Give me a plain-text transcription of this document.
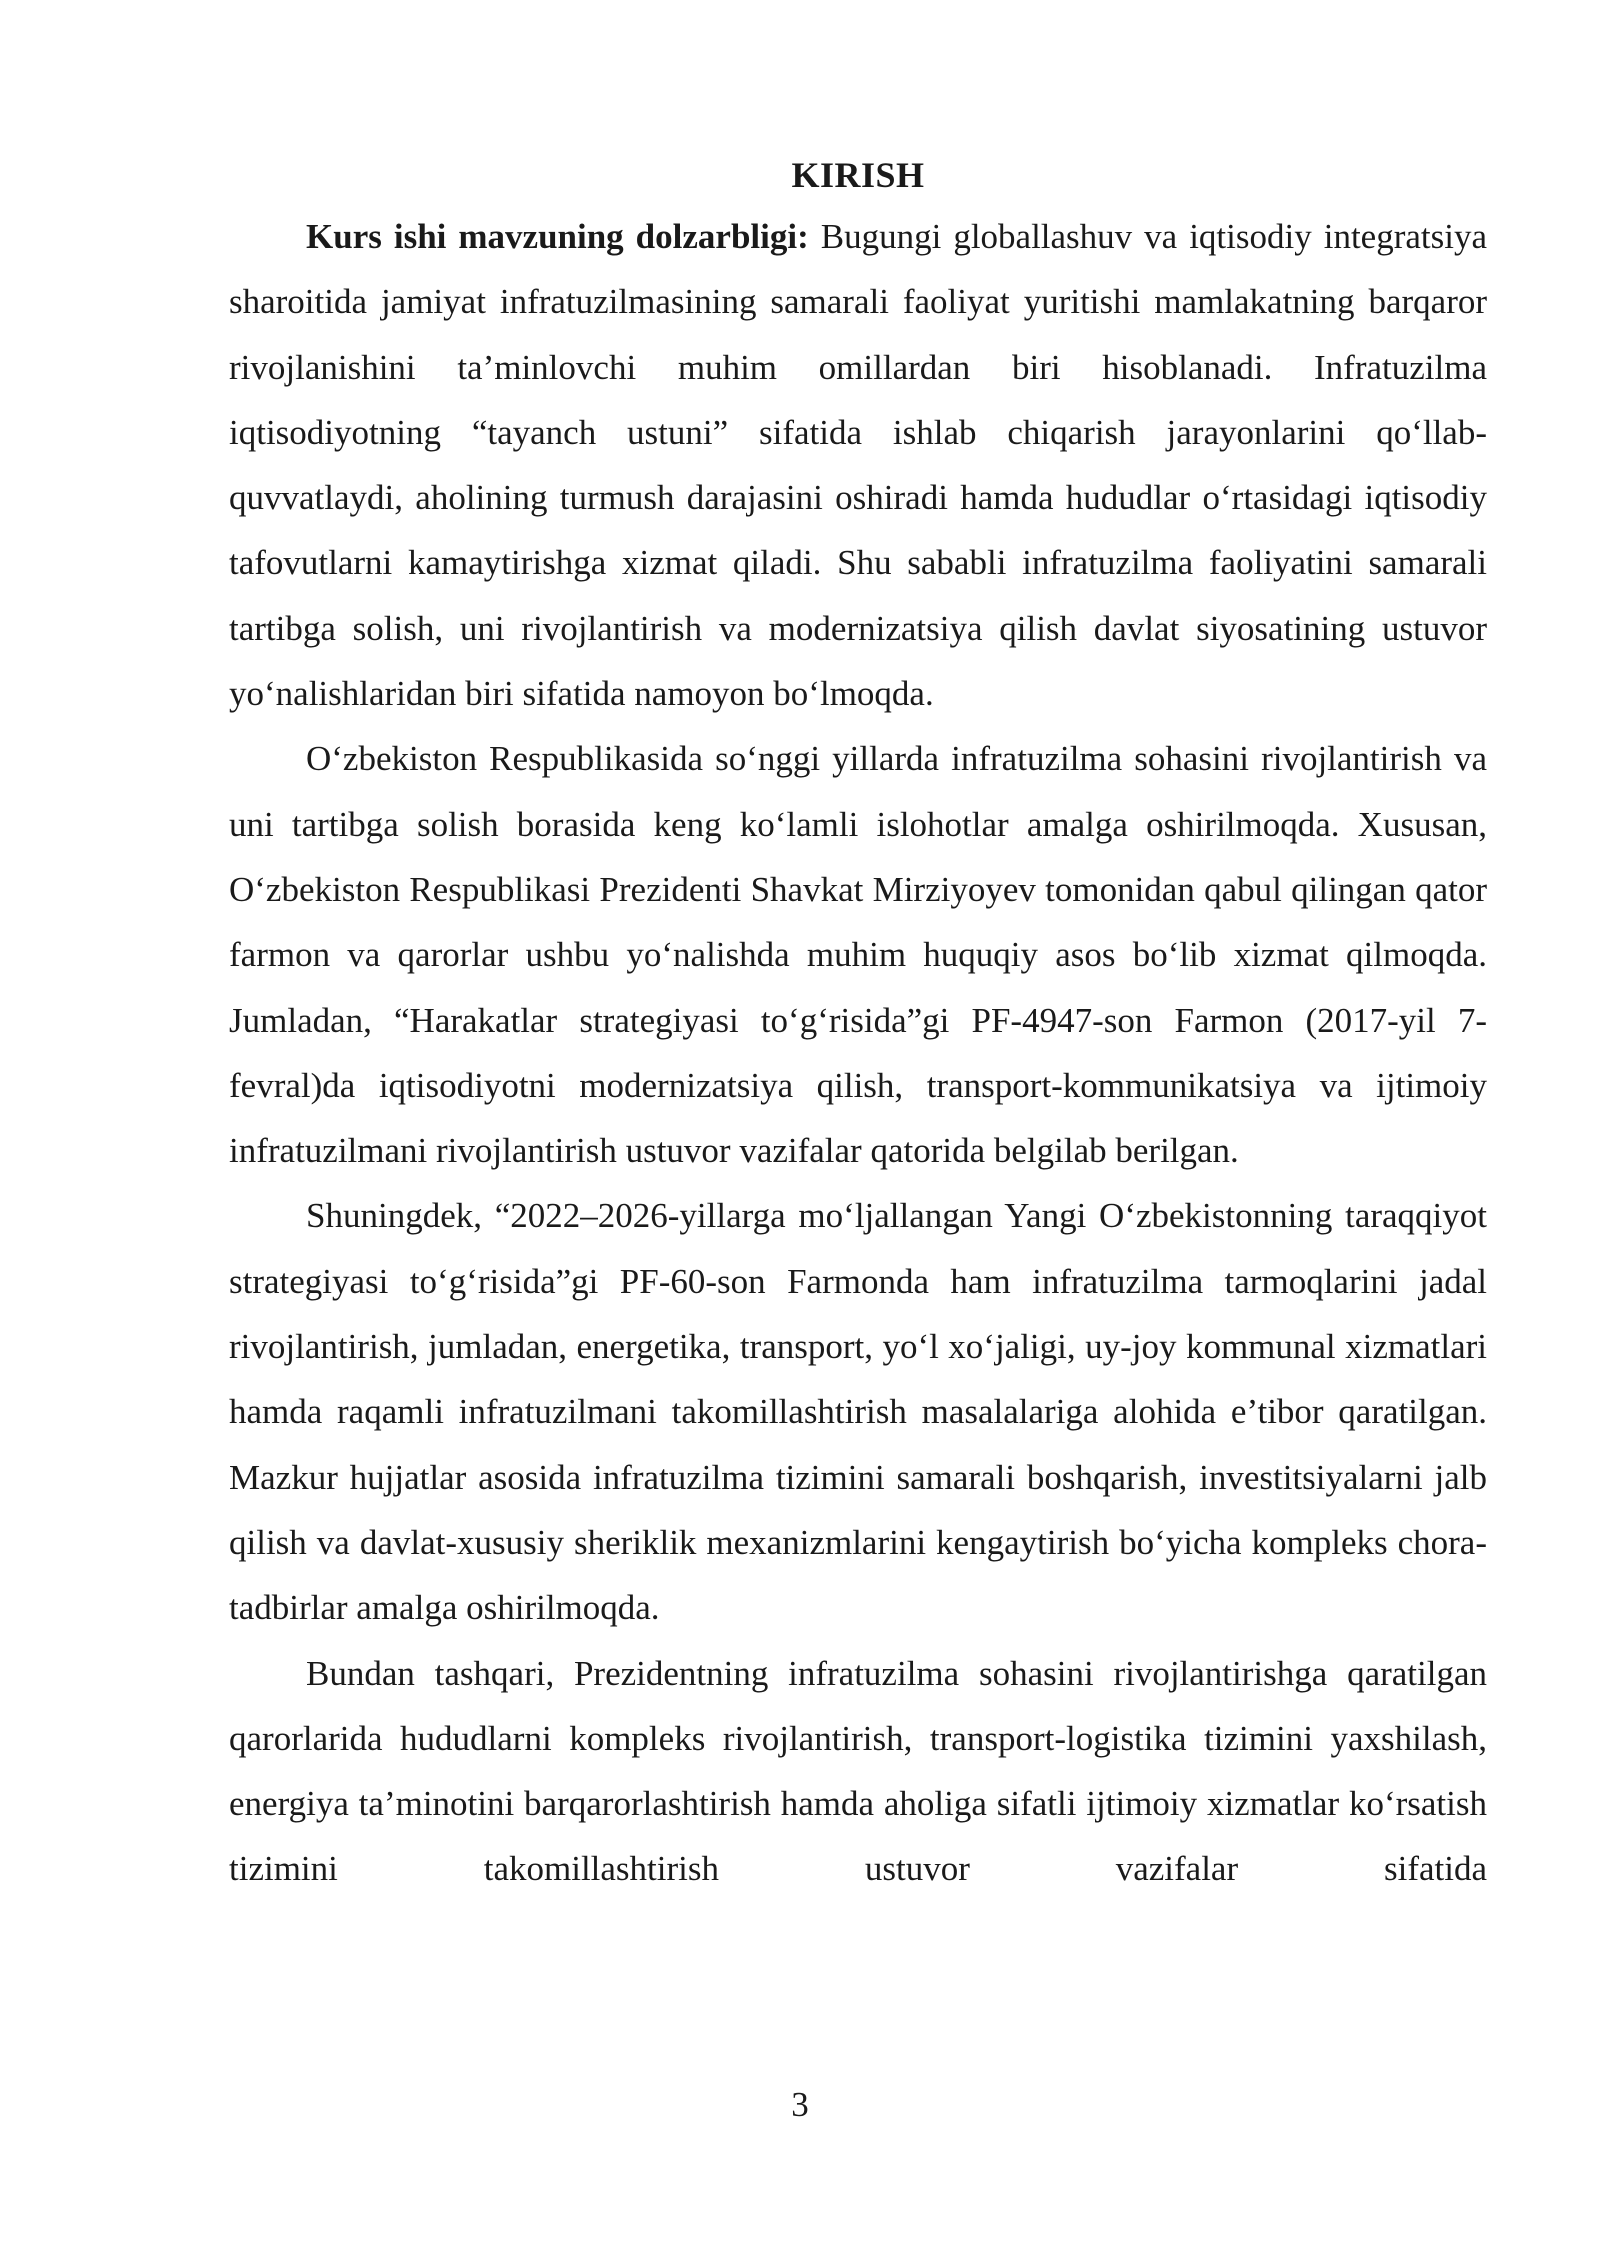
KIRISH

Kurs ishi mavzuning dolzarbligi: Bugungi globallashuv va iqtisodiy integratsiya sharoitida jamiyat infratuzilmasining samarali faoliyat yuritishi mamlakatning barqaror rivojlanishini ta’minlovchi muhim omillardan biri hisoblanadi. Infratuzilma iqtisodiyotning “tayanch ustuni” sifatida ishlab chiqarish jarayonlarini qo‘llab-quvvatlaydi, aholining turmush darajasini oshiradi hamda hududlar o‘rtasidagi iqtisodiy tafovutlarni kamaytirishga xizmat qiladi. Shu sababli infratuzilma faoliyatini samarali tartibga solish, uni rivojlantirish va modernizatsiya qilish davlat siyosatining ustuvor yo‘nalishlaridan biri sifatida namoyon bo‘lmoqda.

O‘zbekiston Respublikasida so‘nggi yillarda infratuzilma sohasini rivojlantirish va uni tartibga solish borasida keng ko‘lamli islohotlar amalga oshirilmoqda. Xususan, O‘zbekiston Respublikasi Prezidenti Shavkat Mirziyoyev tomonidan qabul qilingan qator farmon va qarorlar ushbu yo‘nalishda muhim huquqiy asos bo‘lib xizmat qilmoqda. Jumladan, “Harakatlar strategiyasi to‘g‘risida”gi PF-4947-son Farmon (2017-yil 7-fevral)da iqtisodiyotni modernizatsiya qilish, transport-kommunikatsiya va ijtimoiy infratuzilmani rivojlantirish ustuvor vazifalar qatorida belgilab berilgan.

Shuningdek, “2022–2026-yillarga mo‘ljallangan Yangi O‘zbekistonning taraqqiyot strategiyasi to‘g‘risida”gi PF-60-son Farmonda ham infratuzilma tarmoqlarini jadal rivojlantirish, jumladan, energetika, transport, yo‘l xo‘jaligi, uy-joy kommunal xizmatlari hamda raqamli infratuzilmani takomillashtirish masalalariga alohida e’tibor qaratilgan. Mazkur hujjatlar asosida infratuzilma tizimini samarali boshqarish, investitsiyalarni jalb qilish va davlat-xususiy sheriklik mexanizmlarini kengaytirish bo‘yicha kompleks chora-tadbirlar amalga oshirilmoqda.

Bundan tashqari, Prezidentning infratuzilma sohasini rivojlantirishga qaratilgan qarorlarida hududlarni kompleks rivojlantirish, transport-logistika tizimini yaxshilash, energiya ta’minotini barqarorlashtirish hamda aholiga sifatli ijtimoiy xizmatlar ko‘rsatish tizimini takomillashtirish ustuvor vazifalar sifatida

3
